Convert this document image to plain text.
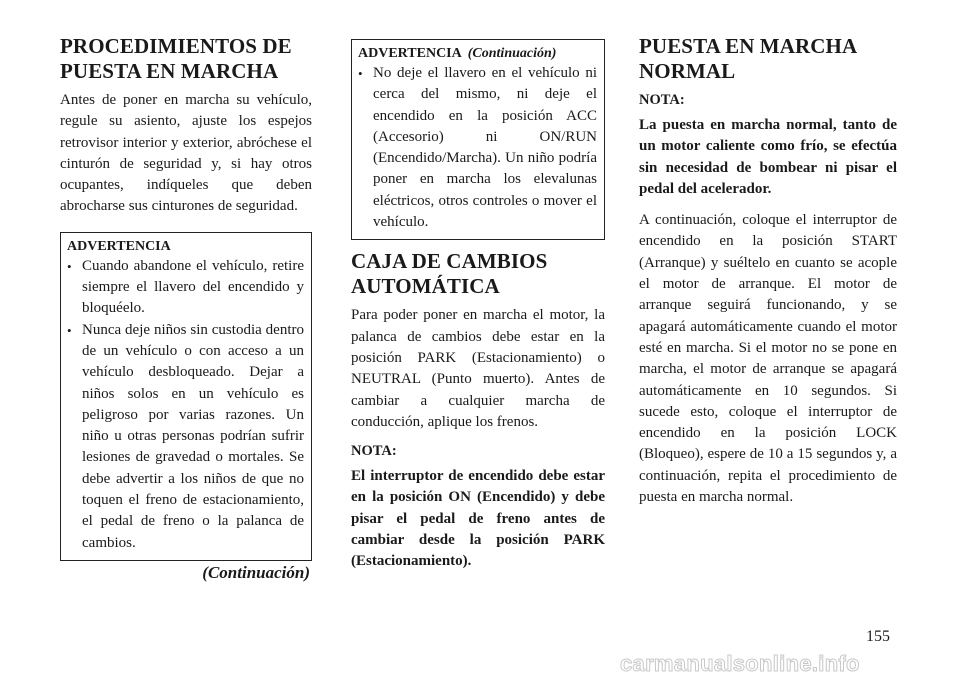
PROCEDIMIENTOS DE PUESTA EN MARCHA

Antes de poner en marcha su vehículo, regule su asiento, ajuste los espejos retrovisor interior y exterior, abróchese el cinturón de seguridad y, si hay otros ocupantes, indíqueles que deben abrocharse sus cinturones de seguridad.

ADVERTENCIA
• Cuando abandone el vehículo, retire siempre el llavero del encendido y bloquéelo.
• Nunca deje niños sin custodia dentro de un vehículo o con acceso a un vehículo desbloqueado. Dejar a niños solos en un vehículo es peligroso por varias razones. Un niño u otras personas podrían sufrir lesiones de gravedad o mortales. Se debe advertir a los niños de que no toquen el freno de estacionamiento, el pedal de freno o la palanca de cambios.
(Continuación)
ADVERTENCIA (Continuación)
• No deje el llavero en el vehículo ni cerca del mismo, ni deje el encendido en la posición ACC (Accesorio) ni ON/RUN (Encendido/Marcha). Un niño podría poner en marcha los elevalunas eléctricos, otros controles o mover el vehículo.
CAJA DE CAMBIOS AUTOMÁTICA

Para poder poner en marcha el motor, la palanca de cambios debe estar en la posición PARK (Estacionamiento) o NEUTRAL (Punto muerto). Antes de cambiar a cualquier marcha de conducción, aplique los frenos.

NOTA:

El interruptor de encendido debe estar en la posición ON (Encendido) y debe pisar el pedal de freno antes de cambiar desde la posición PARK (Estacionamiento).

PUESTA EN MARCHA NORMAL
NOTA:

La puesta en marcha normal, tanto de un motor caliente como frío, se efectúa sin necesidad de bombear ni pisar el pedal del acelerador.

A continuación, coloque el interruptor de encendido en la posición START (Arranque) y suéltelo en cuanto se acople el motor de arranque. El motor de arranque seguirá funcionando, y se apagará automáticamente cuando el motor esté en marcha. Si el motor no se pone en marcha, el motor de arranque se apagará automáticamente en 10 segundos. Si sucede esto, coloque el interruptor de encendido en la posición LOCK (Bloqueo), espere de 10 a 15 segundos y, a continuación, repita el procedimiento de puesta en marcha normal.

155
carmanualsonline.info
